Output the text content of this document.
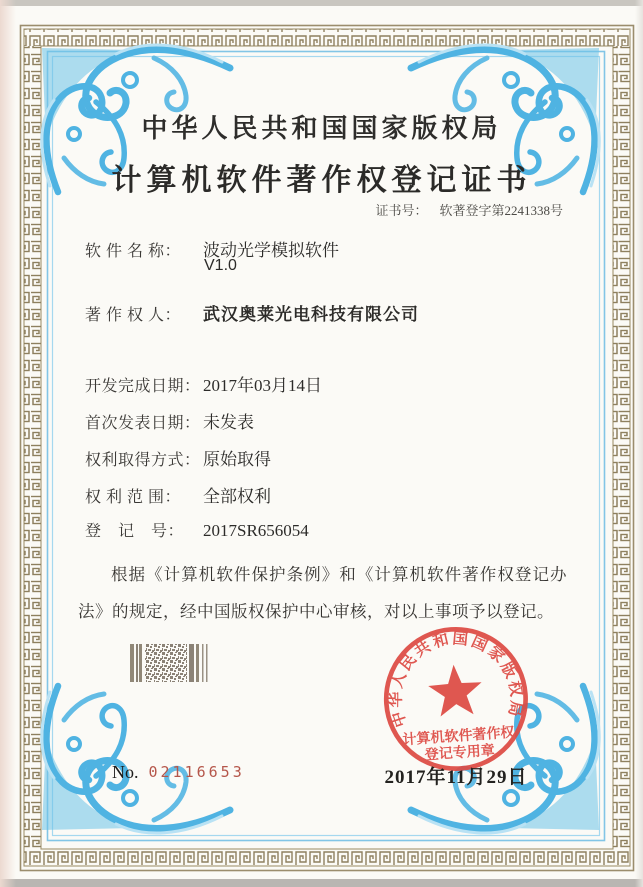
中华人民共和国国家版权局
计算机软件著作权登记证书
证书号： 软著登字第2241338号
软 件 名 称： 波动光学模拟软件
V1.0
著 作 权 人： 武汉奥莱光电科技有限公司
开发完成日期： 2017年03月14日
首次发表日期： 未发表
权利取得方式： 原始取得
权 利 范 围： 全部权利
登　记　号： 2017SR656054
根据《计算机软件保护条例》和《计算机软件著作权登记办法》的规定，经中国版权保护中心审核，对以上事项予以登记。
中华人民共和国国家版权局
计算机软件著作权
登记专用章
2017年11月29日
No. 02116653
